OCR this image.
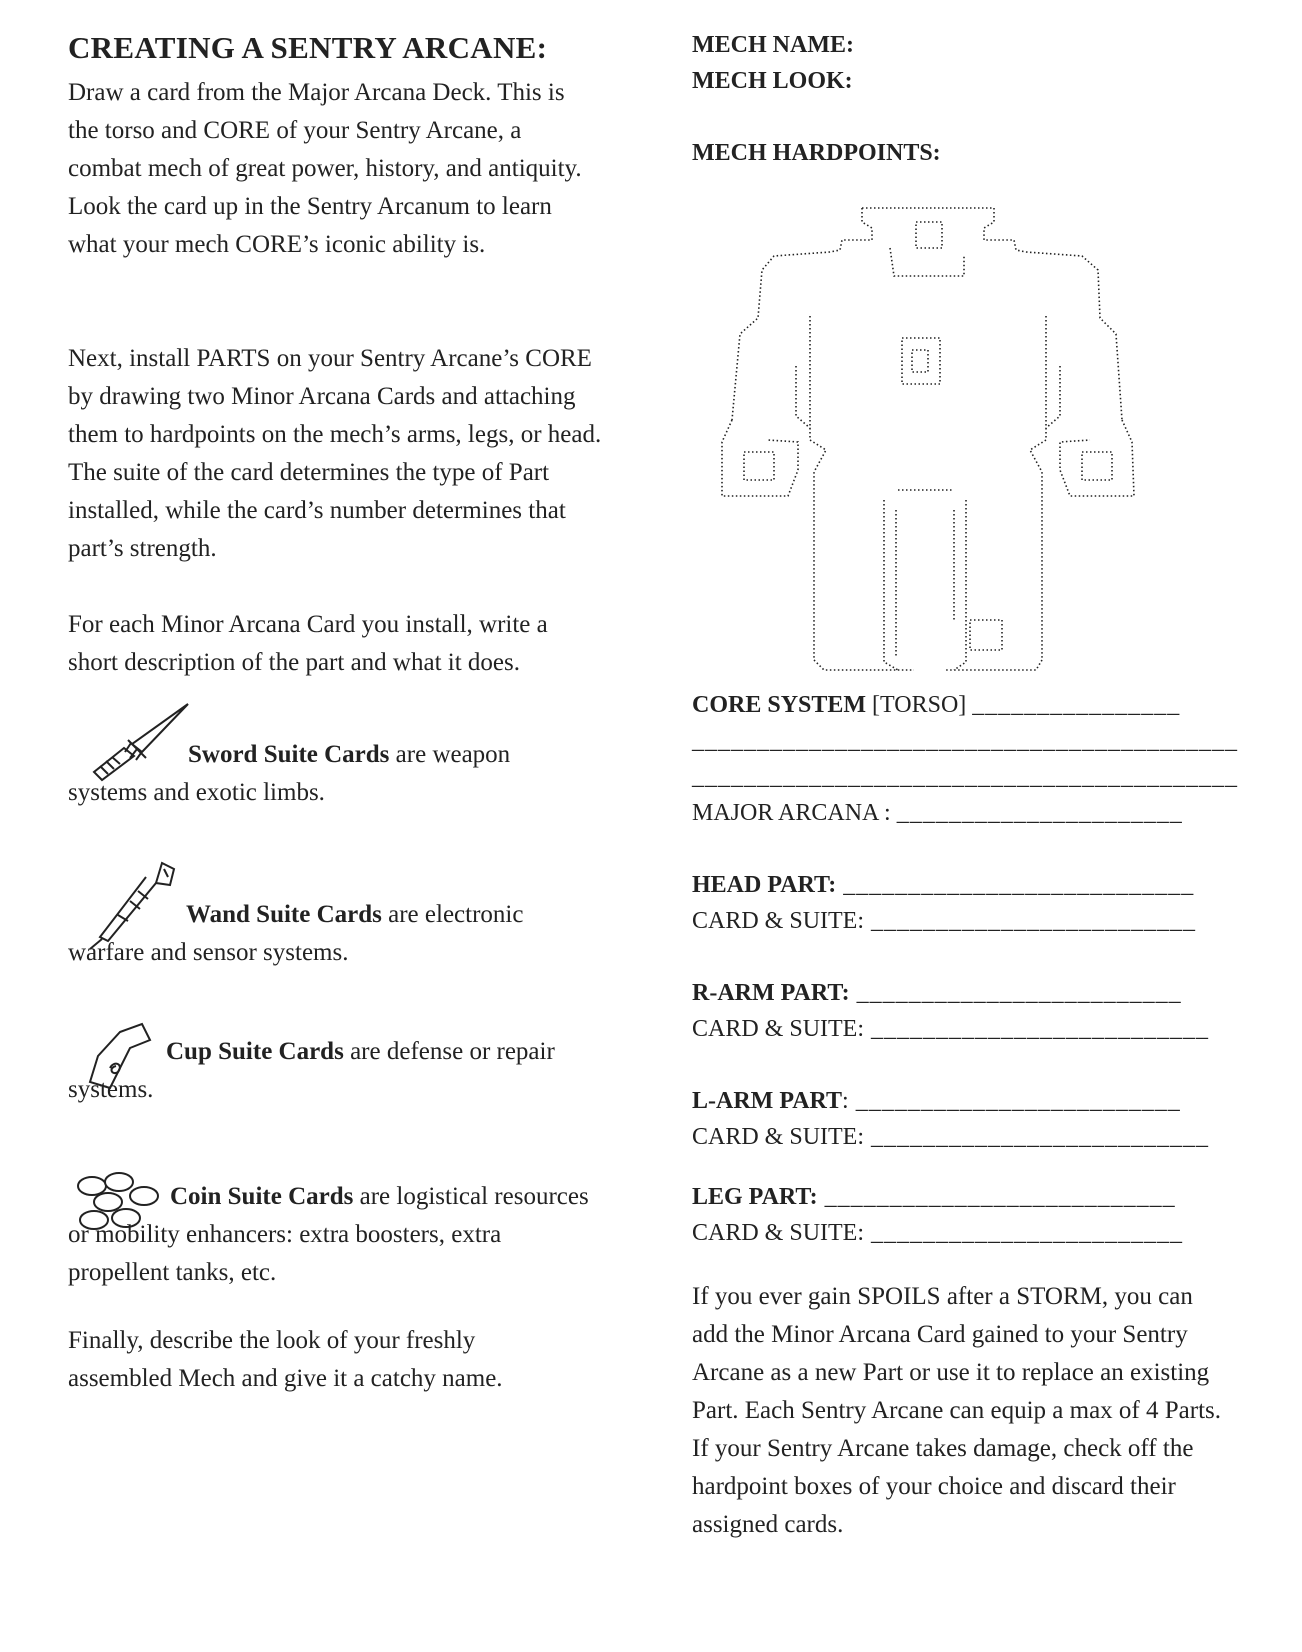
CREATING A SENTRY ARCANE:
Draw a card from the Major Arcana Deck. This is the torso and CORE of your Sentry Arcane, a combat mech of great power, history, and antiquity. Look the card up in the Sentry Arcanum to learn what your mech CORE’s iconic ability is.
Next, install PARTS on your Sentry Arcane’s CORE by drawing two Minor Arcana Cards and attaching them to hardpoints on the mech’s arms, legs, or head. The suite of the card determines the type of Part installed, while the card’s number determines that part’s strength.
For each Minor Arcana Card you install, write a short description of the part and what it does.
Sword Suite Cards are weapon
systems and exotic limbs.
Wand Suite Cards are electronic
warfare and sensor systems.
Cup Suite Cards are defense or repair
systems.
Coin Suite Cards are logistical resources
or mobility enhancers: extra boosters, extra propellent tanks, etc.
Finally, describe the look of your freshly assembled Mech and give it a catchy name.
MECH NAME:
MECH LOOK:
MECH HARDPOINTS:
CORE SYSTEM [TORSO] ________________
__________________________________________
__________________________________________
MAJOR ARCANA : ______________________
HEAD PART: ___________________________
CARD & SUITE: _________________________
R-ARM PART: _________________________
CARD & SUITE: __________________________
L-ARM PART: _________________________
CARD & SUITE: __________________________
LEG PART: ___________________________
CARD & SUITE: ________________________
If you ever gain SPOILS after a STORM, you can add the Minor Arcana Card gained to your Sentry Arcane as a new Part or use it to replace an existing Part. Each Sentry Arcane can equip a max of 4 Parts. If your Sentry Arcane takes damage, check off the hardpoint boxes of your choice and discard their assigned cards.
